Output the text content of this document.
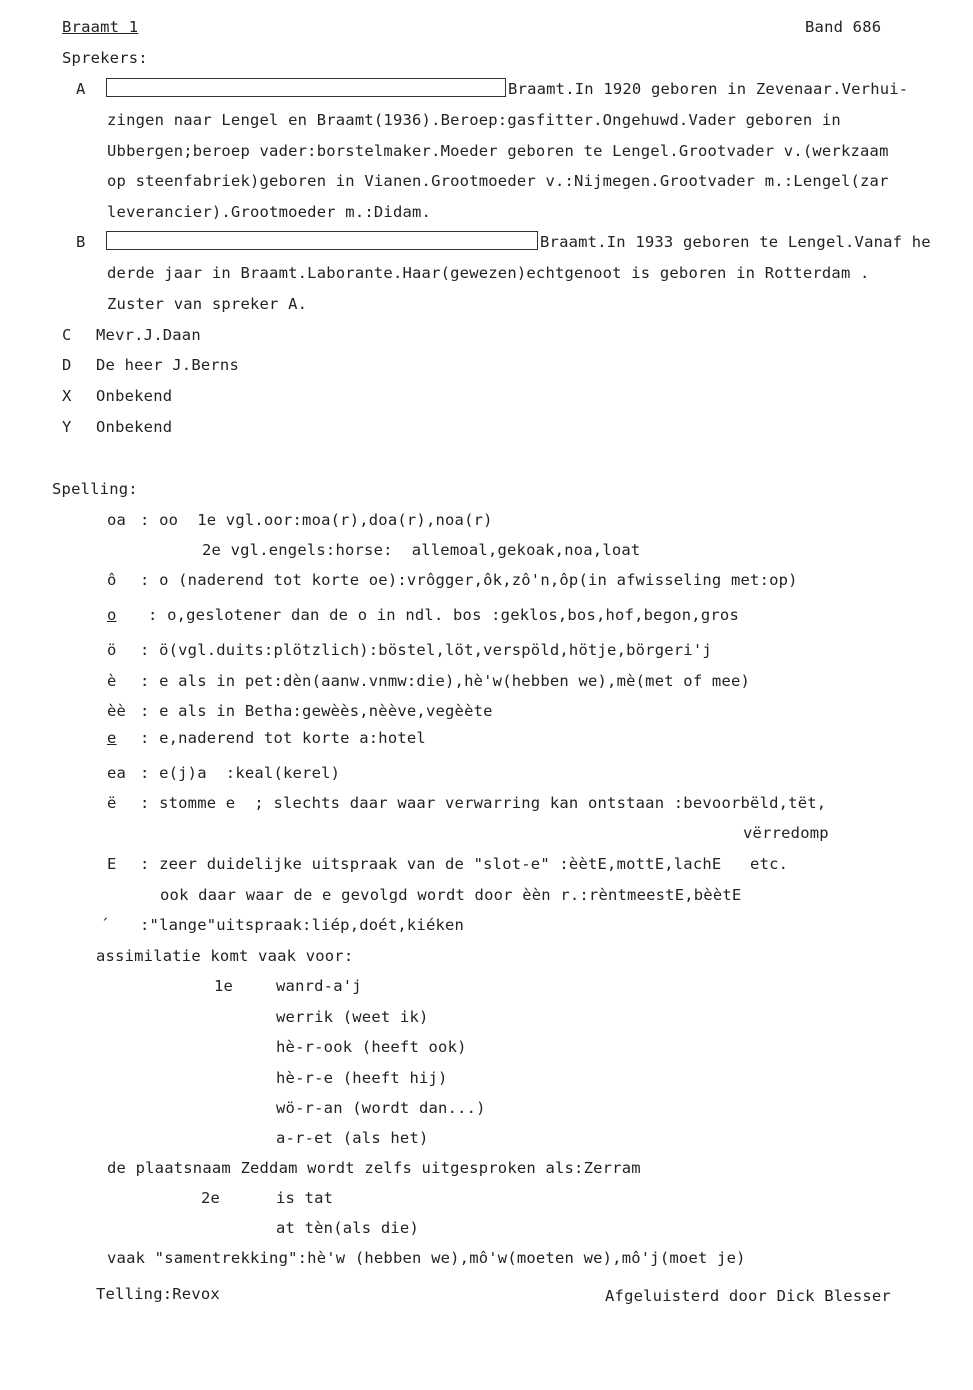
Braamt 1	Band 686
Sprekers:
A	Braamt.In 1920 geboren in Zevenaar.Verhui-
zingen naar Lengel en Braamt(1936).Beroep:gasfitter.Ongehuwd.Vader geboren in
Ubbergen;beroep vader:borstelmaker.Moeder geboren te Lengel.Grootvader v.(werkzaam
op steenfabriek)geboren in Vianen.Grootmoeder v.:Nijmegen.Grootvader m.:Lengel(zar
leverancier).Grootmoeder m.:Didam.
B	Braamt.In 1933 geboren te Lengel.Vanaf he
derde jaar in Braamt.Laborante.Haar(gewezen)echtgenoot is geboren in Rotterdam .
Zuster van spreker A.
C Mevr.J.Daan
D De heer J.Berns
X Onbekend
Y Onbekend
Spelling:
oa : oo  1e vgl.oor:moa(r),doa(r),noa(r)
2e vgl.engels:horse:  allemoal,gekoak,noa,loat
ô : o (naderend tot korte oe):vrôgger,ôk,zô'n,ôp(in afwisseling met:op)
o : o,geslotener dan de o in ndl. bos :geklos,bos,hof,begon,gros
ö : ö(vgl.duits:plötzlich):böstel,löt,verspöld,hötje,börgeri'j
è : e als in pet:dèn(aanw.vnmw:die),hè'w(hebben we),mè(met of mee)
èè : e als in Betha:gewèès,nèève,vegèète
e : e,naderend tot korte a:hotel
ea : e(j)a  :keal(kerel)
ë : stomme e  ; slechts daar waar verwarring kan ontstaan :bevoorbëld,tët,
vërredomp
E : zeer duidelijke uitspraak van de "slot-e" :èètE,mottE,lachE   etc.
ook daar waar de e gevolgd wordt door èèn r.:rèntmeestE,bèètE
´ :"lange"uitspraak:liép,doét,kiéken
assimilatie komt vaak voor:
1e	wanrd-a'j
werrik (weet ik)
hè-r-ook (heeft ook)
hè-r-e (heeft hij)
wö-r-an (wordt dan...)
a-r-et (als het)
de plaatsnaam Zeddam wordt zelfs uitgesproken als:Zerram
2e	is tat
at tèn(als die)
vaak "samentrekking":hè'w (hebben we),mô'w(moeten we),mô'j(moet je)
Telling:Revox	Afgeluisterd door Dick Blesser
